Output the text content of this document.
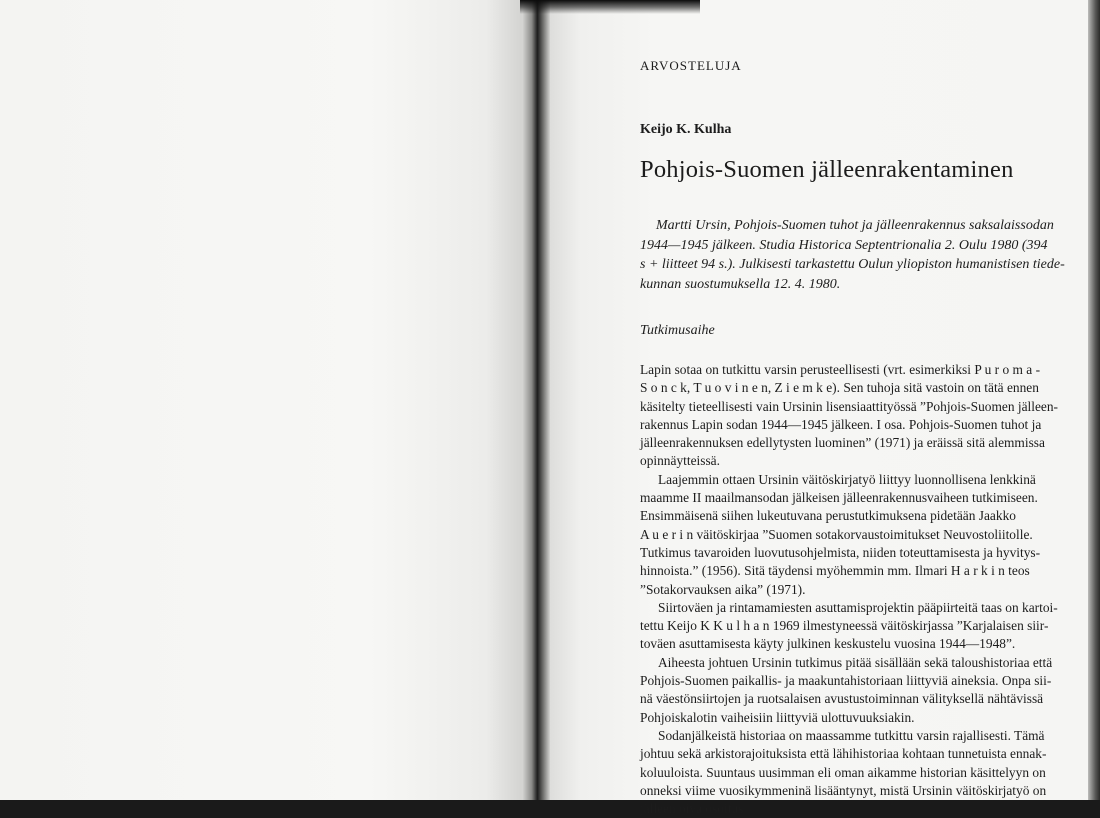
ARVOSTELUJA
Keijo K. Kulha
Pohjois-Suomen jälleenrakentaminen
Martti Ursin, Pohjois-Suomen tuhot ja jälleenrakennus saksalaissodan
1944—1945 jälkeen. Studia Historica Septentrionalia 2. Oulu 1980 (394
s + liitteet 94 s.). Julkisesti tarkastettu Oulun yliopiston humanistisen tiede-
kunnan suostumuksella 12. 4. 1980.
Tutkimusaihe
Lapin sotaa on tutkittu varsin perusteellisesti (vrt. esimerkiksi P u r o m a -
S o n c k, T u o v i n e n, Z i e m k e). Sen tuhoja sitä vastoin on tätä ennen
käsitelty tieteellisesti vain Ursinin lisensiaattityössä ”Pohjois-Suomen jälleen-
rakennus Lapin sodan 1944—1945 jälkeen. I osa. Pohjois-Suomen tuhot ja
jälleenrakennuksen edellytysten luominen” (1971) ja eräissä sitä alemmissa
opinnäytteissä.
Laajemmin ottaen Ursinin väitöskirjatyö liittyy luonnollisena lenkkinä
maamme II maailmansodan jälkeisen jälleenrakennusvaiheen tutkimiseen.
Ensimmäisenä siihen lukeutuvana perustutkimuksena pidetään Jaakko
A u e r i n väitöskirjaa ”Suomen sotakorvaustoimitukset Neuvostoliitolle.
Tutkimus tavaroiden luovutusohjelmista, niiden toteuttamisesta ja hyvitys-
hinnoista.” (1956). Sitä täydensi myöhemmin mm. Ilmari H a r k i n teos
”Sotakorvauksen aika” (1971).
Siirtoväen ja rintamamiesten asuttamisprojektin pääpiirteitä taas on kartoi-
tettu Keijo K K u l h a n 1969 ilmestyneessä väitöskirjassa ”Karjalaisen siir-
toväen asuttamisesta käyty julkinen keskustelu vuosina 1944—1948”.
Aiheesta johtuen Ursinin tutkimus pitää sisällään sekä taloushistoriaa että
Pohjois-Suomen paikallis- ja maakuntahistoriaan liittyviä aineksia. Onpa sii-
nä väestönsiirtojen ja ruotsalaisen avustustoiminnan välityksellä nähtävissä
Pohjoiskalotin vaiheisiin liittyviä ulottuvuuksiakin.
Sodanjälkeistä historiaa on maassamme tutkittu varsin rajallisesti. Tämä
johtuu sekä arkistorajoituksista että lähihistoriaa kohtaan tunnetuista ennak-
koluuloista. Suuntaus uusimman eli oman aikamme historian käsittelyyn on
onneksi viime vuosikymmeninä lisääntynyt, mistä Ursinin väitöskirjatyö on
jälleen oiva osoitus.
